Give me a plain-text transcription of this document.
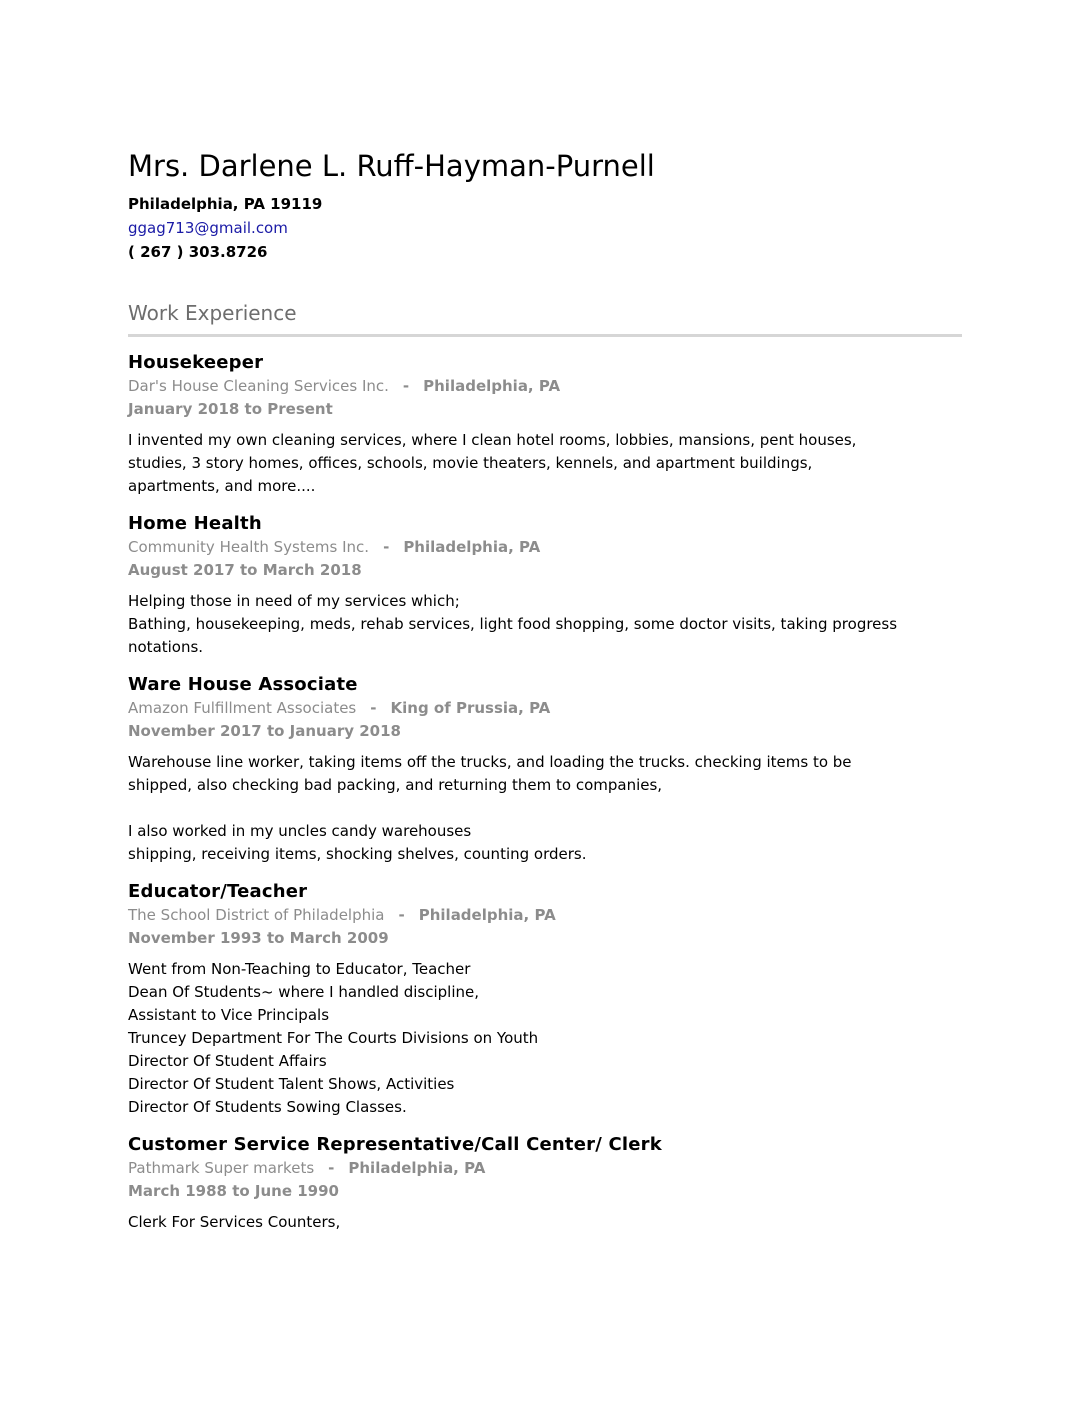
Mrs. Darlene L. Ruff-Hayman-Purnell
Philadelphia, PA 19119
ggag713@gmail.com
( 267 ) 303.8726
Work Experience
Housekeeper
Dar's House Cleaning Services Inc. - Philadelphia, PA
January 2018 to Present
I invented my own cleaning services, where I clean hotel rooms, lobbies, mansions, pent houses,
studies, 3 story homes, offices, schools, movie theaters, kennels, and apartment buildings,
apartments, and more....
Home Health
Community Health Systems Inc. - Philadelphia, PA
August 2017 to March 2018
Helping those in need of my services which;
Bathing, housekeeping, meds, rehab services, light food shopping, some doctor visits, taking progress
notations.
Ware House Associate
Amazon Fulfillment Associates - King of Prussia, PA
November 2017 to January 2018
Warehouse line worker, taking items off the trucks, and loading the trucks. checking items to be
shipped, also checking bad packing, and returning them to companies,
I also worked in my uncles candy warehouses
shipping, receiving items, shocking shelves, counting orders.
Educator/Teacher
The School District of Philadelphia - Philadelphia, PA
November 1993 to March 2009
Went from Non-Teaching to Educator, Teacher
Dean Of Students~ where I handled discipline,
Assistant to Vice Principals
Truncey Department For The Courts Divisions on Youth
Director Of Student Affairs
Director Of Student Talent Shows, Activities
Director Of Students Sowing Classes.
Customer Service Representative/Call Center/ Clerk
Pathmark Super markets - Philadelphia, PA
March 1988 to June 1990
Clerk For Services Counters,
